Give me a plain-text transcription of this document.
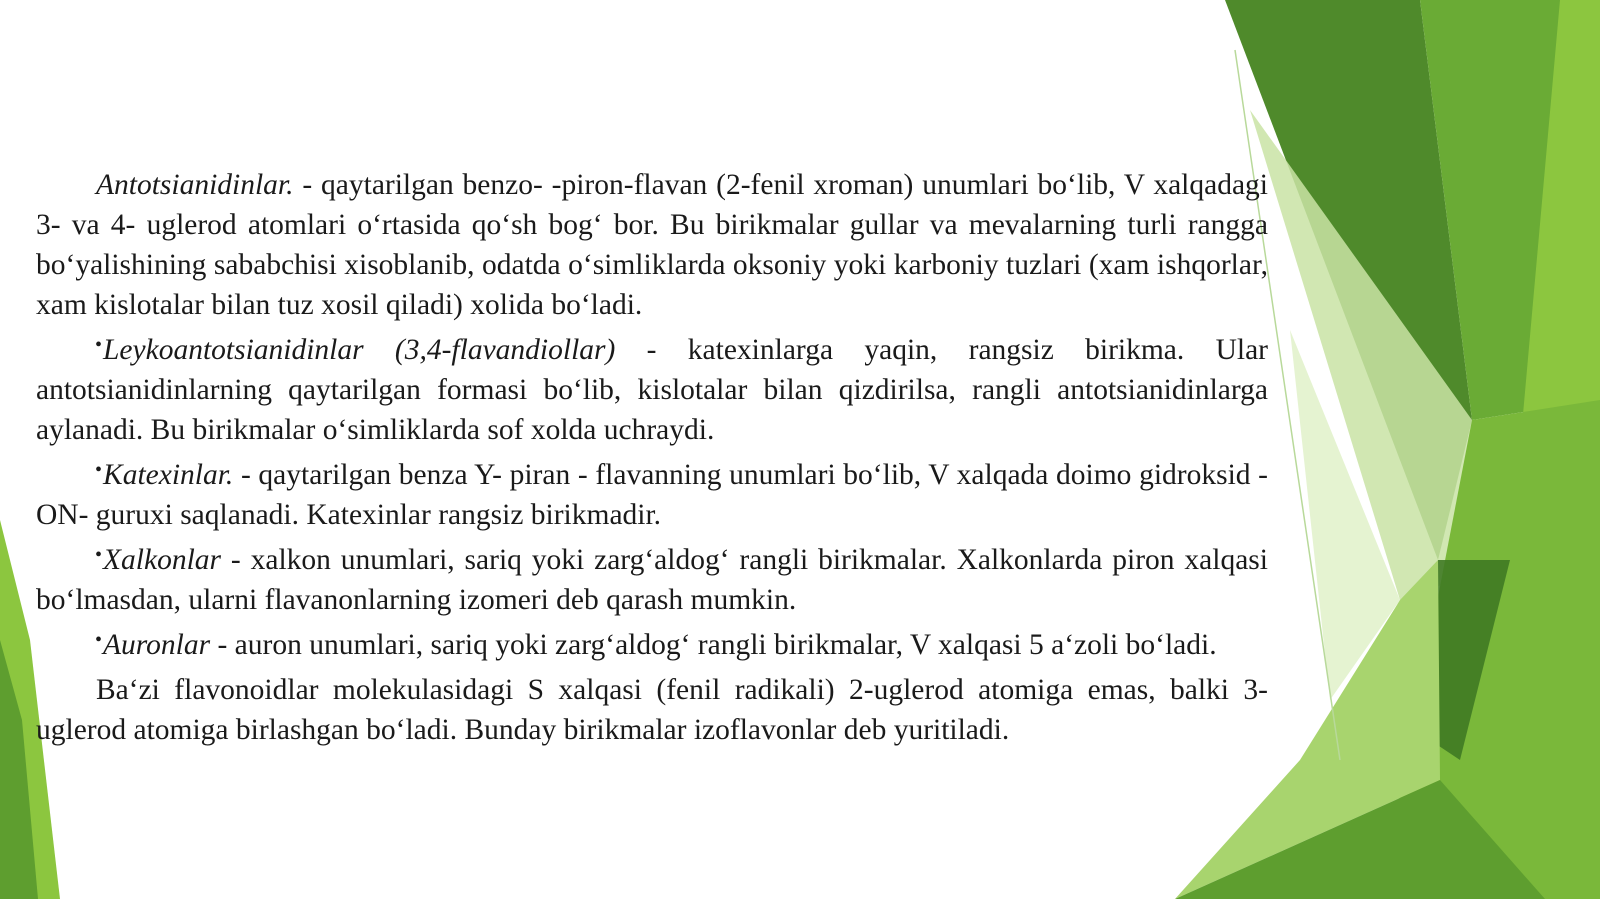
Antotsianidinlar. - qaytarilgan benzo- -piron-flavan (2-fenil xroman) unumlari bo‘lib, V xalqadagi 3- va 4- uglerod atomlari o‘rtasida qo‘sh bog‘ bor. Bu birikmalar gullar va mevalarning turli rangga bo‘yalishining sababchisi xisoblanib, odatda o‘simliklarda oksoniy yoki karboniy tuzlari (xam ishqorlar, xam kislotalar bilan tuz xosil qiladi) xolida bo‘ladi.

•Leykoantotsianidinlar (3,4-flavandiollar) - katexinlarga yaqin, rangsiz birikma. Ular antotsianidinlarning qaytarilgan formasi bo‘lib, kislotalar bilan qizdirilsa, rangli antotsianidinlarga aylanadi. Bu birikmalar o‘simliklarda sof xolda uchraydi.

•Katexinlar. - qaytarilgan benza Y- piran - flavanning unumlari bo‘lib, V xalqada doimo gidroksid -ON- guruxi saqlanadi. Katexinlar rangsiz birikmadir.

•Xalkonlar - xalkon unumlari, sariq yoki zarg‘aldog‘ rangli birikmalar. Xalkonlarda piron xalqasi bo‘lmasdan, ularni flavanonlarning izomeri deb qarash mumkin.

•Auronlar - auron unumlari, sariq yoki zarg‘aldog‘ rangli birikmalar, V xalqasi 5 a‘zoli bo‘ladi.

Ba‘zi flavonoidlar molekulasidagi S xalqasi (fenil radikali) 2-uglerod atomiga emas, balki 3-uglerod atomiga birlashgan bo‘ladi. Bunday birikmalar izoflavonlar deb yuritiladi.
